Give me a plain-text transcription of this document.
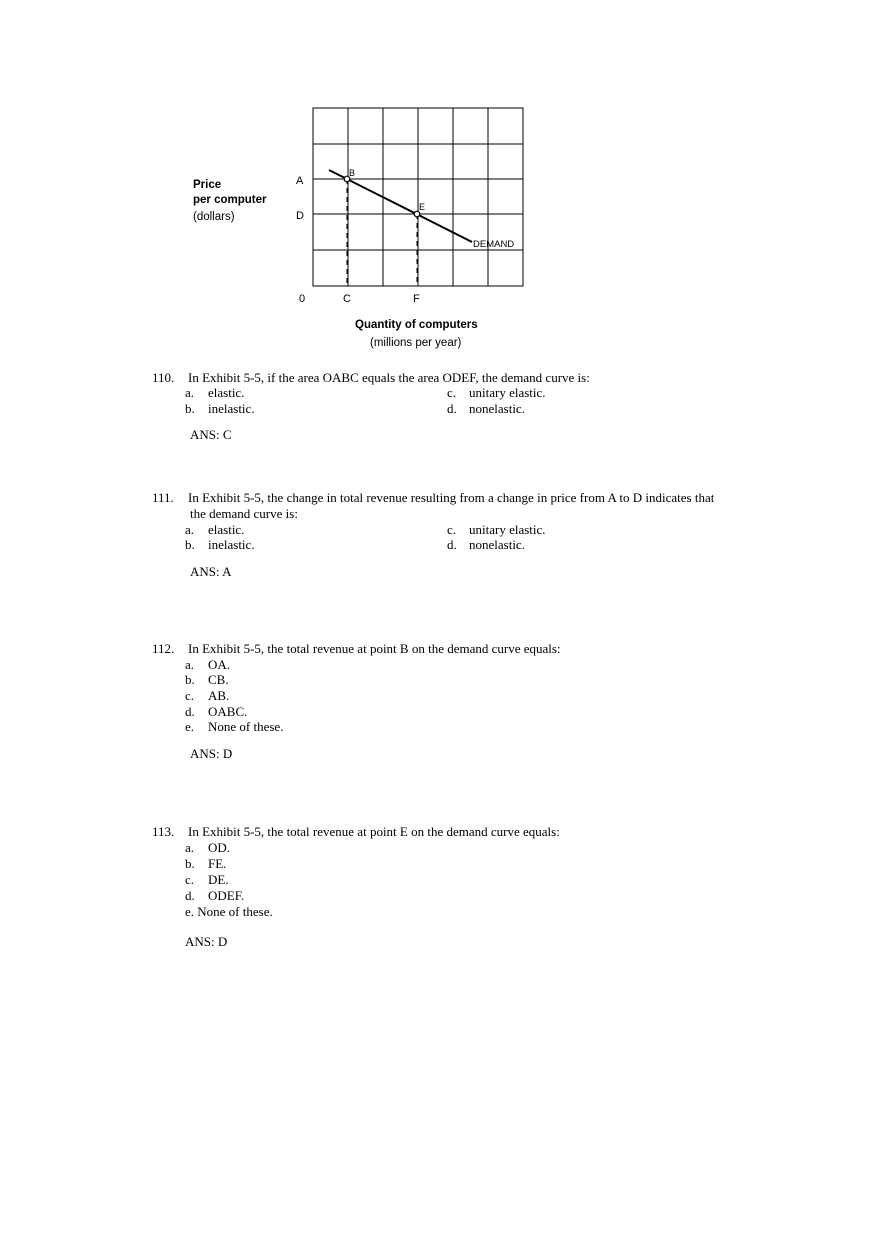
B
E
DEMAND
A
D
0	C	F
Price
per computer
(dollars)
Quantity of computers
(millions per year)
110. In Exhibit 5-5, if the area OABC equals the area ODEF, the demand curve is:
a. elastic.	c. unitary elastic.
b. inelastic.	d. nonelastic.
ANS: C
111. In Exhibit 5-5, the change in total revenue resulting from a change in price from A to D indicates that
the demand curve is:
a. elastic.	c. unitary elastic.
b. inelastic.	d. nonelastic.
ANS: A
112. In Exhibit 5-5, the total revenue at point B on the demand curve equals:
a. OA.
b. CB.
c. AB.
d. OABC.
e. None of these.
ANS: D
113. In Exhibit 5-5, the total revenue at point E on the demand curve equals:
a. OD.
b. FE.
c. DE.
d. ODEF.
e. None of these.
ANS: D
